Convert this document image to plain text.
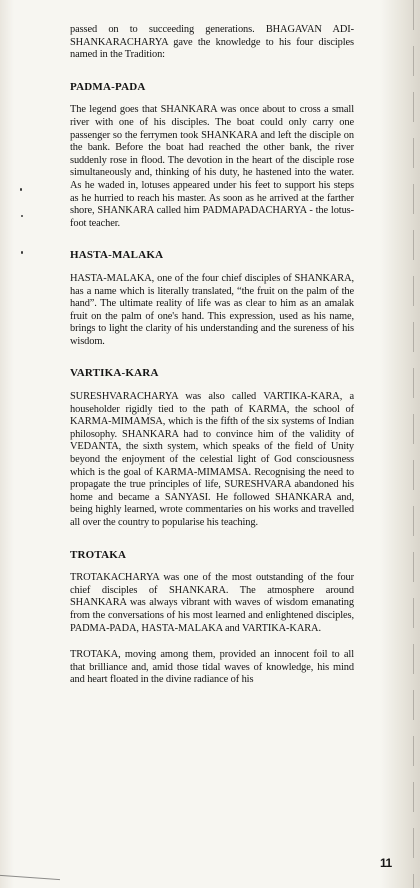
passed on to succeeding generations. BHAGAVAN ADI-SHANKARACHARYA gave the knowledge to his four disciples named in the Tradition:

PADMA-PADA

The legend goes that SHANKARA was once about to cross a small river with one of his disciples. The boat could only carry one passenger so the ferrymen took SHANKARA and left the disciple on the bank. Before the boat had reached the other bank, the river suddenly rose in flood. The devotion in the heart of the disciple rose simultaneously and, thinking of his duty, he hastened into the water. As he waded in, lotuses appeared under his feet to support his steps as he hurried to reach his master. As soon as he arrived at the farther shore, SHANKARA called him PADMAPADACHARYA - the lotus-foot teacher.

HASTA-MALAKA

HASTA-MALAKA, one of the four chief disciples of SHANKARA, has a name which is literally translated, “the fruit on the palm of the hand”. The ultimate reality of life was as clear to him as an amalak fruit on the palm of one's hand. This expression, used as his name, brings to light the clarity of his understanding and the sureness of his wisdom.

VARTIKA-KARA

SURESHVARACHARYA was also called VARTIKA-KARA, a householder rigidly tied to the path of KARMA, the school of KARMA-MIMAMSA, which is the fifth of the six systems of Indian philosophy. SHANKARA had to convince him of the validity of VEDANTA, the sixth system, which speaks of the field of Unity beyond the enjoyment of the celestial light of God consciousness which is the goal of KARMA-MIMAMSA. Recognising the need to propagate the true principles of life, SURESHVARA abandoned his home and became a SANYASI. He followed SHANKARA and, being highly learned, wrote commentaries on his works and travelled all over the country to popularise his teaching.

TROTAKA

TROTAKACHARYA was one of the most outstanding of the four chief disciples of SHANKARA. The atmosphere around SHANKARA was always vibrant with waves of wisdom emanating from the conversations of his most learned and enlightened disciples, PADMA-PADA, HASTA-MALAKA and VARTIKA-KARA.

TROTAKA, moving among them, provided an innocent foil to all that brilliance and, amid those tidal waves of knowledge, his mind and heart floated in the divine radiance of his

11
